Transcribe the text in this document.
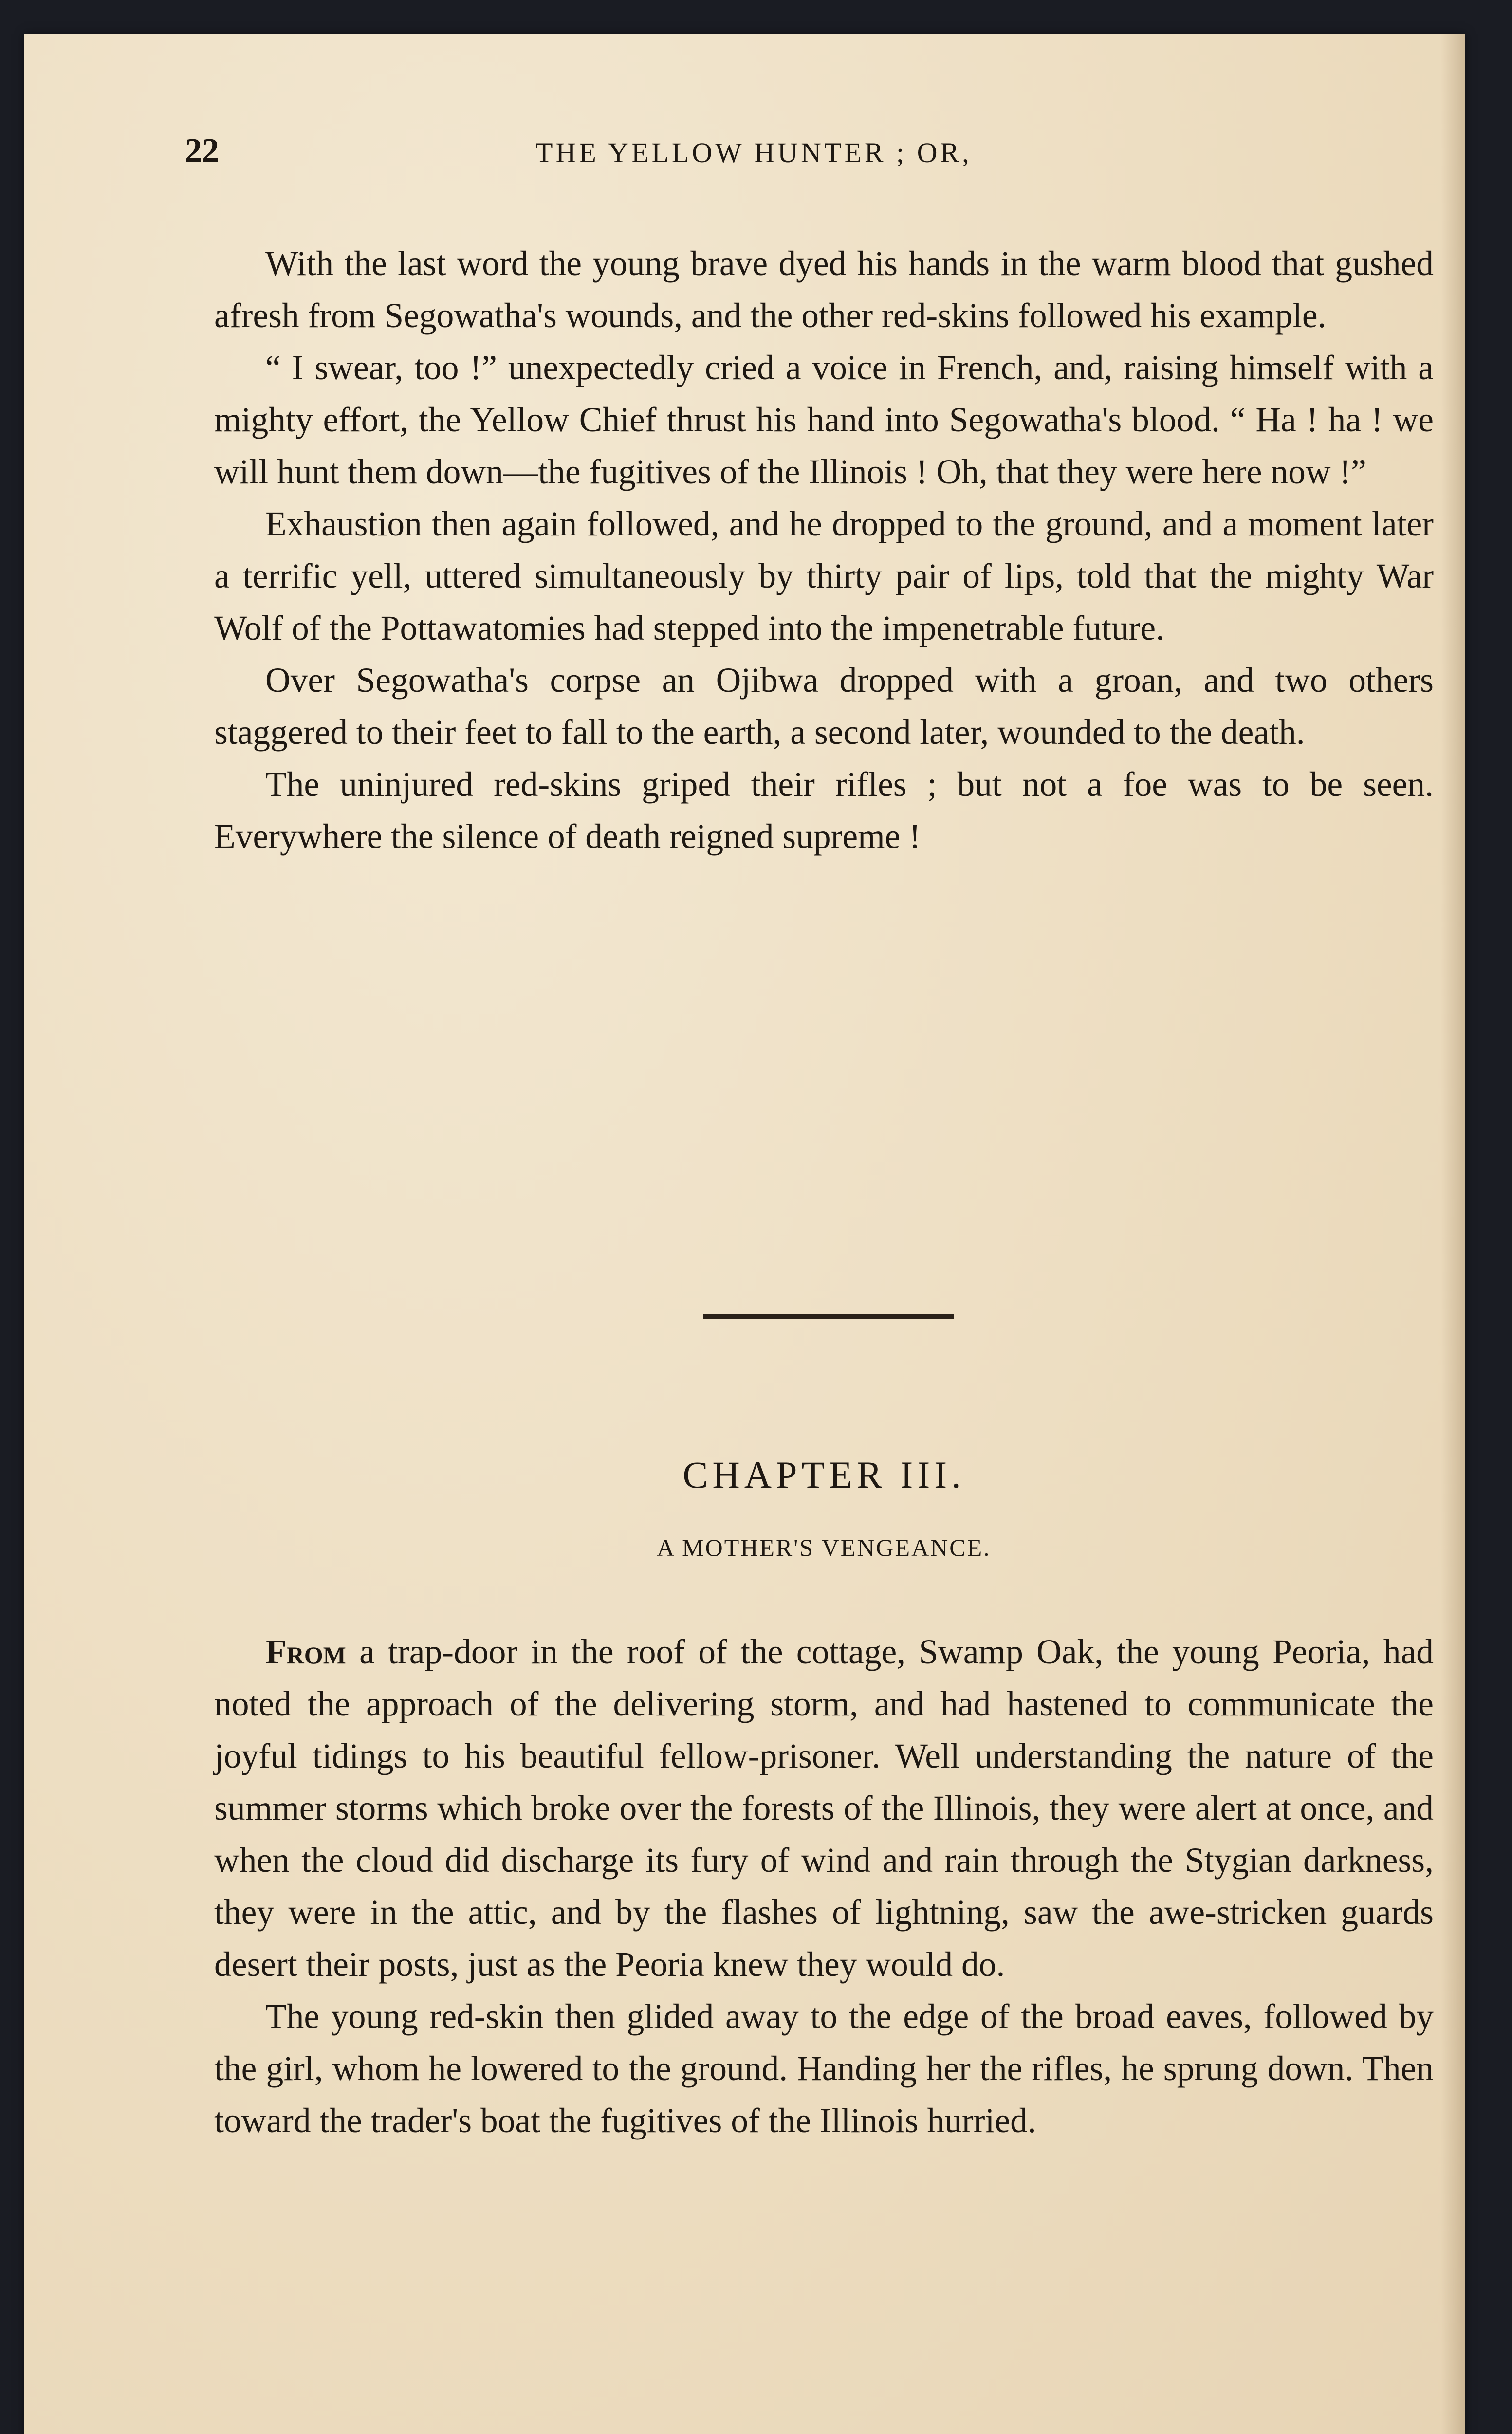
22	THE YELLOW HUNTER ; OR,

With the last word the young brave dyed his hands in the warm blood that gushed afresh from Segowatha's wounds, and the other red-skins followed his example.

“ I swear, too !” unexpectedly cried a voice in French, and, raising himself with a mighty effort, the Yellow Chief thrust his hand into Segowatha's blood. “ Ha ! ha ! we will hunt them down—the fugitives of the Illinois ! Oh, that they were here now !”

Exhaustion then again followed, and he dropped to the ground, and a moment later a terrific yell, uttered simultaneously by thirty pair of lips, told that the mighty War Wolf of the Pottawatomies had stepped into the impenetrable future.

Over Segowatha's corpse an Ojibwa dropped with a groan, and two others staggered to their feet to fall to the earth, a second later, wounded to the death.

The uninjured red-skins griped their rifles ; but not a foe was to be seen. Everywhere the silence of death reigned supreme !

CHAPTER III.
A MOTHER'S VENGEANCE.

From a trap-door in the roof of the cottage, Swamp Oak, the young Peoria, had noted the approach of the delivering storm, and had hastened to communicate the joyful tidings to his beautiful fellow-prisoner. Well understanding the nature of the summer storms which broke over the forests of the Illinois, they were alert at once, and when the cloud did discharge its fury of wind and rain through the Stygian darkness, they were in the attic, and by the flashes of lightning, saw the awe-stricken guards desert their posts, just as the Peoria knew they would do.

The young red-skin then glided away to the edge of the broad eaves, followed by the girl, whom he lowered to the ground. Handing her the rifles, he sprung down. Then toward the trader's boat the fugitives of the Illinois hurried.
